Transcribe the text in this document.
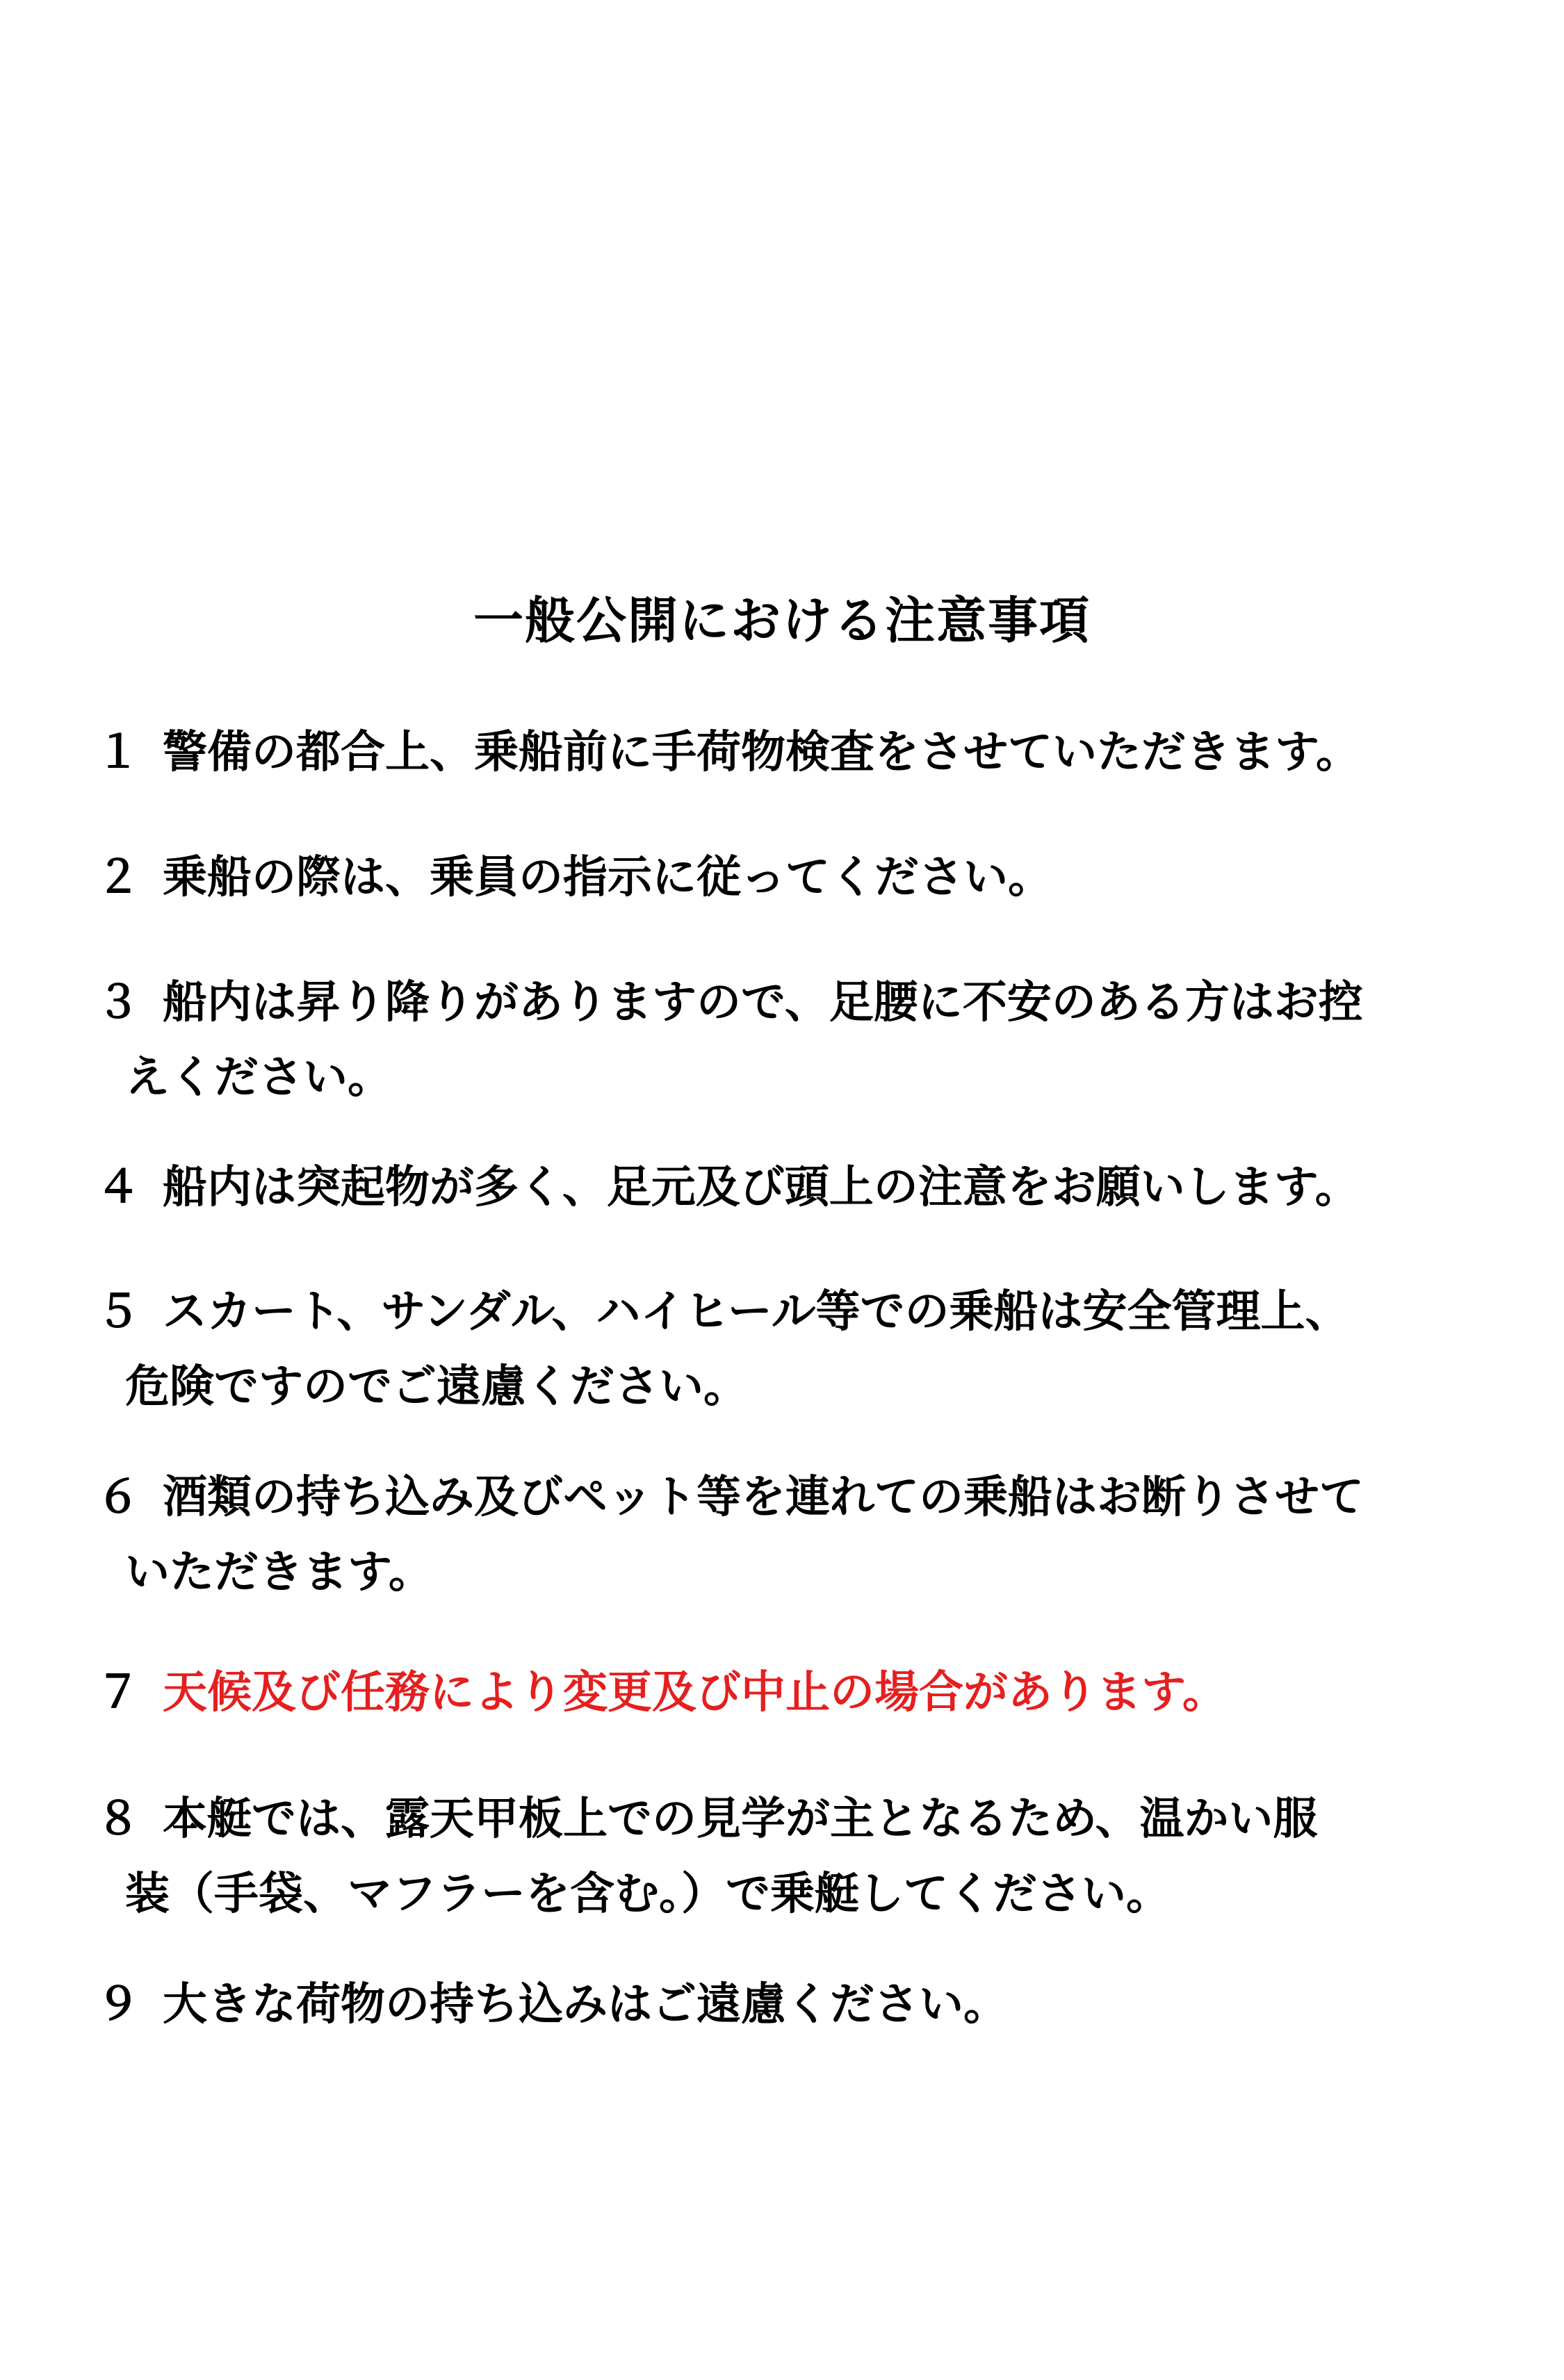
一般公開における注意事項
１ 警備の都合上、乗船前に手荷物検査をさせていただきます。
２ 乗船の際は、乗員の指示に従ってください。
３ 船内は昇り降りがありますので、足腰に不安のある方はお控
えください。
４ 船内は突起物が多く、足元及び頭上の注意をお願いします。
５ スカート、サンダル、ハイヒール等での乗船は安全管理上、
危険ですのでご遠慮ください。
６ 酒類の持ち込み及びペット等を連れての乗船はお断りさせて
いただきます。
７ 天候及び任務により変更及び中止の場合があります。
８ 本艇では、露天甲板上での見学が主となるため、温かい服
装（手袋、マフラーを含む。）で乗艇してください。
９ 大きな荷物の持ち込みはご遠慮ください。
